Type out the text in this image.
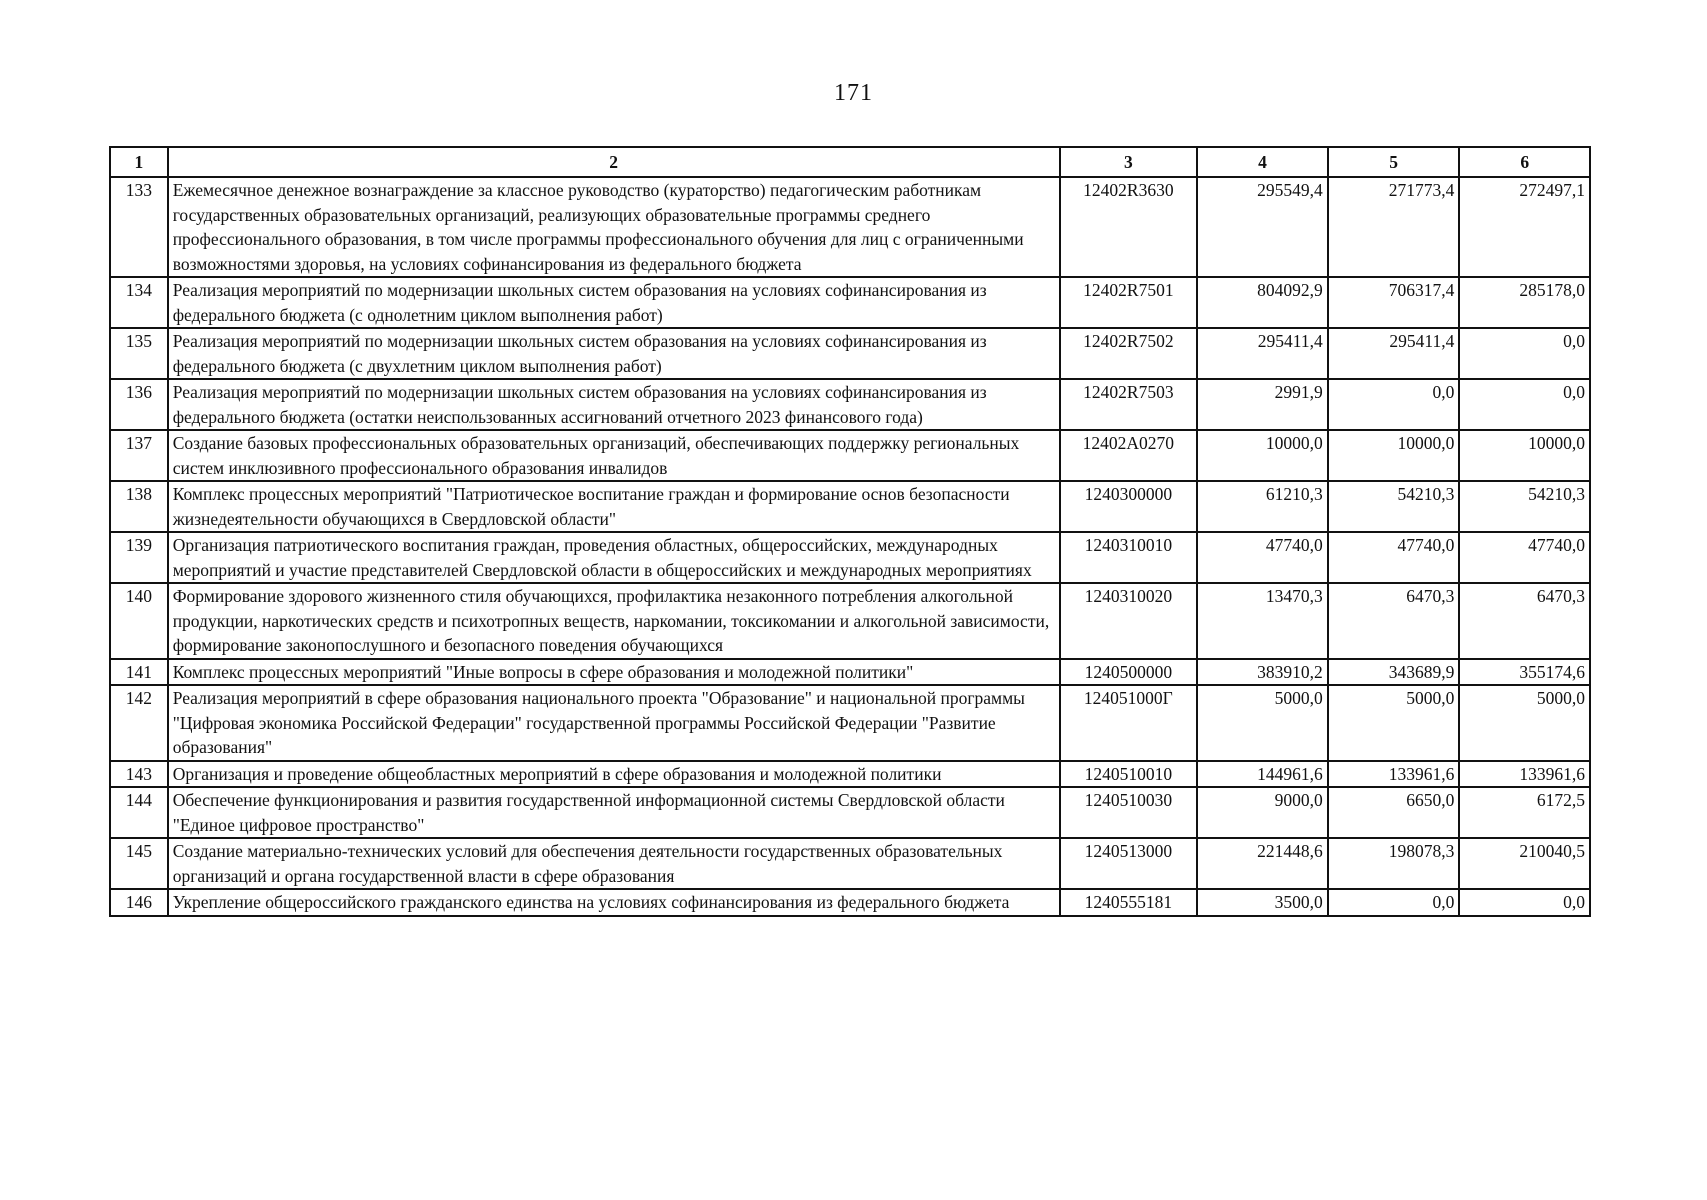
171
1	2	3	4	5	6
133	Ежемесячное денежное вознаграждение за классное руководство (кураторство) педагогическим работникам государственных образовательных организаций, реализующих образовательные программы среднего профессионального образования, в том числе программы профессионального обучения для лиц с ограниченными возможностями здоровья, на условиях софинансирования из федерального бюджета	12402R3630	295549,4	271773,4	272497,1
134	Реализация мероприятий по модернизации школьных систем образования на условиях софинансирования из федерального бюджета (с однолетним циклом выполнения работ)	12402R7501	804092,9	706317,4	285178,0
135	Реализация мероприятий по модернизации школьных систем образования на условиях софинансирования из федерального бюджета (с двухлетним циклом выполнения работ)	12402R7502	295411,4	295411,4	0,0
136	Реализация мероприятий по модернизации школьных систем образования на условиях софинансирования из федерального бюджета (остатки неиспользованных ассигнований отчетного 2023 финансового года)	12402R7503	2991,9	0,0	0,0
137	Создание базовых профессиональных образовательных организаций, обеспечивающих поддержку региональных систем инклюзивного профессионального образования инвалидов	12402А0270	10000,0	10000,0	10000,0
138	Комплекс процессных мероприятий "Патриотическое воспитание граждан и формирование основ безопасности жизнедеятельности обучающихся в Свердловской области"	1240300000	61210,3	54210,3	54210,3
139	Организация патриотического воспитания граждан, проведения областных, общероссийских, международных мероприятий и участие представителей Свердловской области в общероссийских и международных мероприятиях	1240310010	47740,0	47740,0	47740,0
140	Формирование здорового жизненного стиля обучающихся, профилактика незаконного потребления алкогольной продукции, наркотических средств и психотропных веществ, наркомании, токсикомании и алкогольной зависимости, формирование законопослушного и безопасного поведения обучающихся	1240310020	13470,3	6470,3	6470,3
141	Комплекс процессных мероприятий "Иные вопросы в сфере образования и молодежной политики"	1240500000	383910,2	343689,9	355174,6
142	Реализация мероприятий в сфере образования национального проекта "Образование" и национальной программы "Цифровая экономика Российской Федерации" государственной программы Российской Федерации "Развитие образования"	124051000Г	5000,0	5000,0	5000,0
143	Организация и проведение общеобластных мероприятий в сфере образования и молодежной политики	1240510010	144961,6	133961,6	133961,6
144	Обеспечение функционирования и развития государственной информационной системы Свердловской области "Единое цифровое пространство"	1240510030	9000,0	6650,0	6172,5
145	Создание материально-технических условий для обеспечения деятельности государственных образовательных организаций и органа государственной власти в сфере образования	1240513000	221448,6	198078,3	210040,5
146	Укрепление общероссийского гражданского единства на условиях софинансирования из федерального бюджета	1240555181	3500,0	0,0	0,0
